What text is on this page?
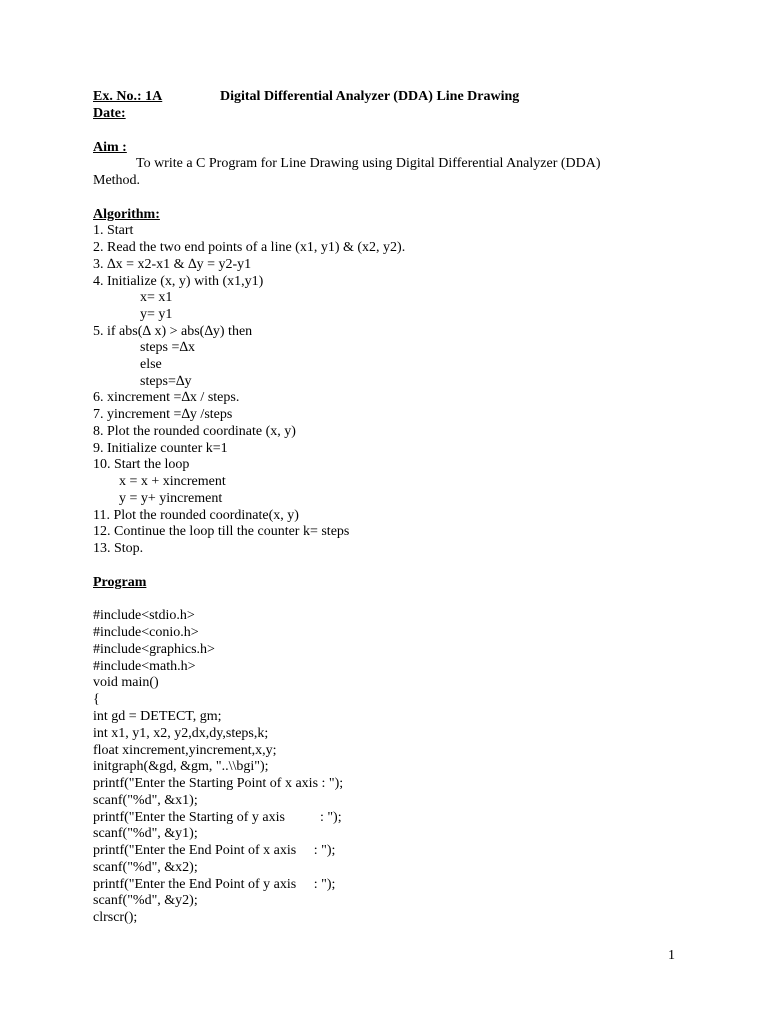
Ex. No.: 1A	Digital Differential Analyzer (DDA) Line Drawing
Date:
Aim :
To write a C Program for Line Drawing using Digital Differential Analyzer (DDA)
Method.
Algorithm:
1. Start
2. Read the two end points of a line (x1, y1) & (x2, y2).
3. ∆x = x2-x1 & ∆y = y2-y1
4. Initialize (x, y) with (x1,y1)
x= x1
y= y1
5. if abs(∆ x) > abs(∆y) then
steps =∆x
else
steps=∆y
6. xincrement =∆x / steps.
7. yincrement =∆y /steps
8. Plot the rounded coordinate (x, y)
9. Initialize counter k=1
10. Start the loop
x = x + xincrement
y = y+ yincrement
11. Plot the rounded coordinate(x, y)
12. Continue the loop till the counter k= steps
13. Stop.
Program
#include<stdio.h>
#include<conio.h>
#include<graphics.h>
#include<math.h>
void main()
{
int gd = DETECT, gm;
int x1, y1, x2, y2,dx,dy,steps,k;
float xincrement,yincrement,x,y;
initgraph(&gd, &gm, "..\\bgi");
printf("Enter the Starting Point of x axis : ");
scanf("%d", &x1);
printf("Enter the Starting of y axis          : ");
scanf("%d", &y1);
printf("Enter the End Point of x axis     : ");
scanf("%d", &x2);
printf("Enter the End Point of y axis     : ");
scanf("%d", &y2);
clrscr();
1
